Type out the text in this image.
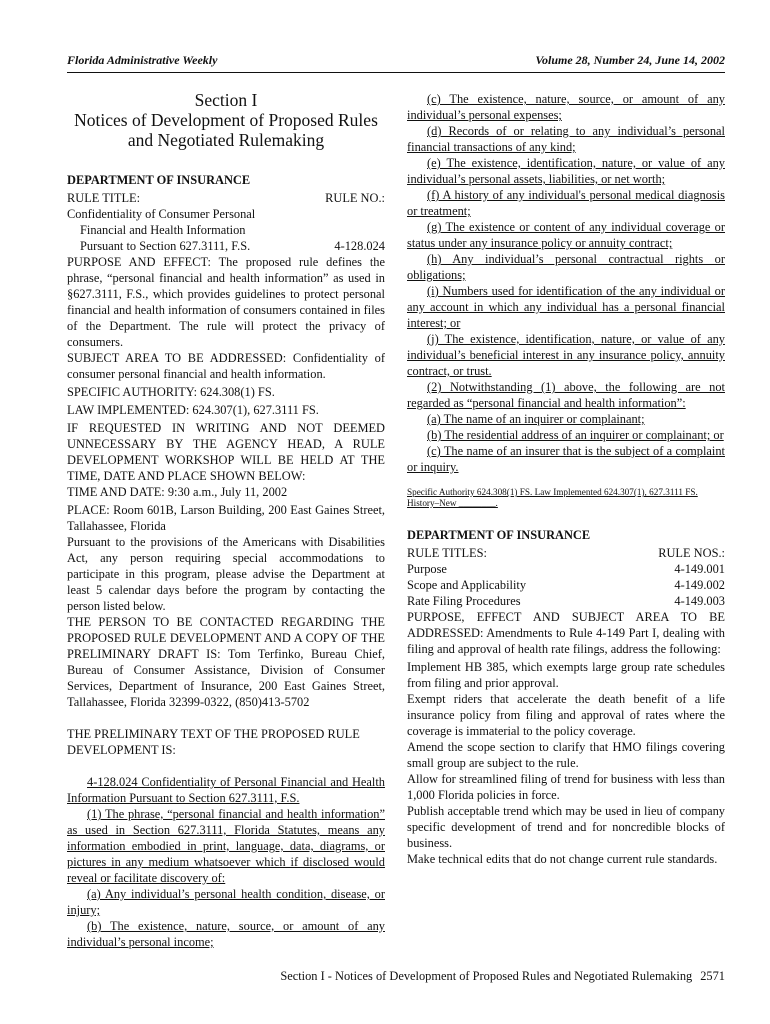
Florida Administrative Weekly	Volume 28, Number 24, June 14, 2002
Section I
Notices of Development of Proposed Rules
and Negotiated Rulemaking
DEPARTMENT OF INSURANCE
RULE TITLE:	RULE NO.:
Confidentiality of Consumer Personal
Financial and Health Information
Pursuant to Section 627.3111, F.S.	4-128.024

PURPOSE AND EFFECT: The proposed rule defines the phrase, “personal financial and health information” as used in §627.3111, F.S., which provides guidelines to protect personal financial and health information of consumers contained in files of the Department. The rule will protect the privacy of consumers.

SUBJECT AREA TO BE ADDRESSED: Confidentiality of consumer personal financial and health information.

SPECIFIC AUTHORITY: 624.308(1) FS.

LAW IMPLEMENTED: 624.307(1), 627.3111 FS.

IF REQUESTED IN WRITING AND NOT DEEMED UNNECESSARY BY THE AGENCY HEAD, A RULE DEVELOPMENT WORKSHOP WILL BE HELD AT THE TIME, DATE AND PLACE SHOWN BELOW:

TIME AND DATE: 9:30 a.m., July 11, 2002

PLACE: Room 601B, Larson Building, 200 East Gaines Street, Tallahassee, Florida

Pursuant to the provisions of the Americans with Disabilities Act, any person requiring special accommodations to participate in this program, please advise the Department at least 5 calendar days before the program by contacting the person listed below.

THE PERSON TO BE CONTACTED REGARDING THE PROPOSED RULE DEVELOPMENT AND A COPY OF THE PRELIMINARY DRAFT IS: Tom Terfinko, Bureau Chief, Bureau of Consumer Assistance, Division of Consumer Services, Department of Insurance, 200 East Gaines Street, Tallahassee, Florida 32399-0322, (850)413-5702

THE PRELIMINARY TEXT OF THE PROPOSED RULE DEVELOPMENT IS:

4-128.024 Confidentiality of Personal Financial and Health Information Pursuant to Section 627.3111, F.S.

(1) The phrase, “personal financial and health information” as used in Section 627.3111, Florida Statutes, means any information embodied in print, language, data, diagrams, or pictures in any medium whatsoever which if disclosed would reveal or facilitate discovery of:

(a) Any individual’s personal health condition, disease, or injury;

(b) The existence, nature, source, or amount of any individual’s personal income;

(c) The existence, nature, source, or amount of any individual’s personal expenses;

(d) Records of or relating to any individual’s personal financial transactions of any kind;

(e) The existence, identification, nature, or value of any individual’s personal assets, liabilities, or net worth;

(f) A history of any individual's personal medical diagnosis or treatment;

(g) The existence or content of any individual coverage or status under any insurance policy or annuity contract;

(h) Any individual’s personal contractual rights or obligations;

(i) Numbers used for identification of the any individual or any account in which any individual has a personal financial interest; or

(j) The existence, identification, nature, or value of any individual’s beneficial interest in any insurance policy, annuity contract, or trust.

(2) Notwithstanding (1) above, the following are not regarded as “personal financial and health information”:

(a) The name of an inquirer or complainant;

(b) The residential address of an inquirer or complainant; or

(c) The name of an insurer that is the subject of a complaint or inquiry.

Specific Authority 624.308(1) FS. Law Implemented 624.307(1), 627.3111 FS.

History–New ________.

DEPARTMENT OF INSURANCE
RULE TITLES:	RULE NOS.:
Purpose	4-149.001
Scope and Applicability	4-149.002
Rate Filing Procedures	4-149.003

PURPOSE, EFFECT AND SUBJECT AREA TO BE ADDRESSED: Amendments to Rule 4-149 Part I, dealing with filing and approval of health rate filings, address the following:

Implement HB 385, which exempts large group rate schedules from filing and prior approval.

Exempt riders that accelerate the death benefit of a life insurance policy from filing and approval of rates where the coverage is immaterial to the policy coverage.

Amend the scope section to clarify that HMO filings covering small group are subject to the rule.

Allow for streamlined filing of trend for business with less than 1,000 Florida policies in force.

Publish acceptable trend which may be used in lieu of company specific development of trend and for noncredible blocks of business.

Make technical edits that do not change current rule standards.

Section I - Notices of Development of Proposed Rules and Negotiated Rulemaking 2571
